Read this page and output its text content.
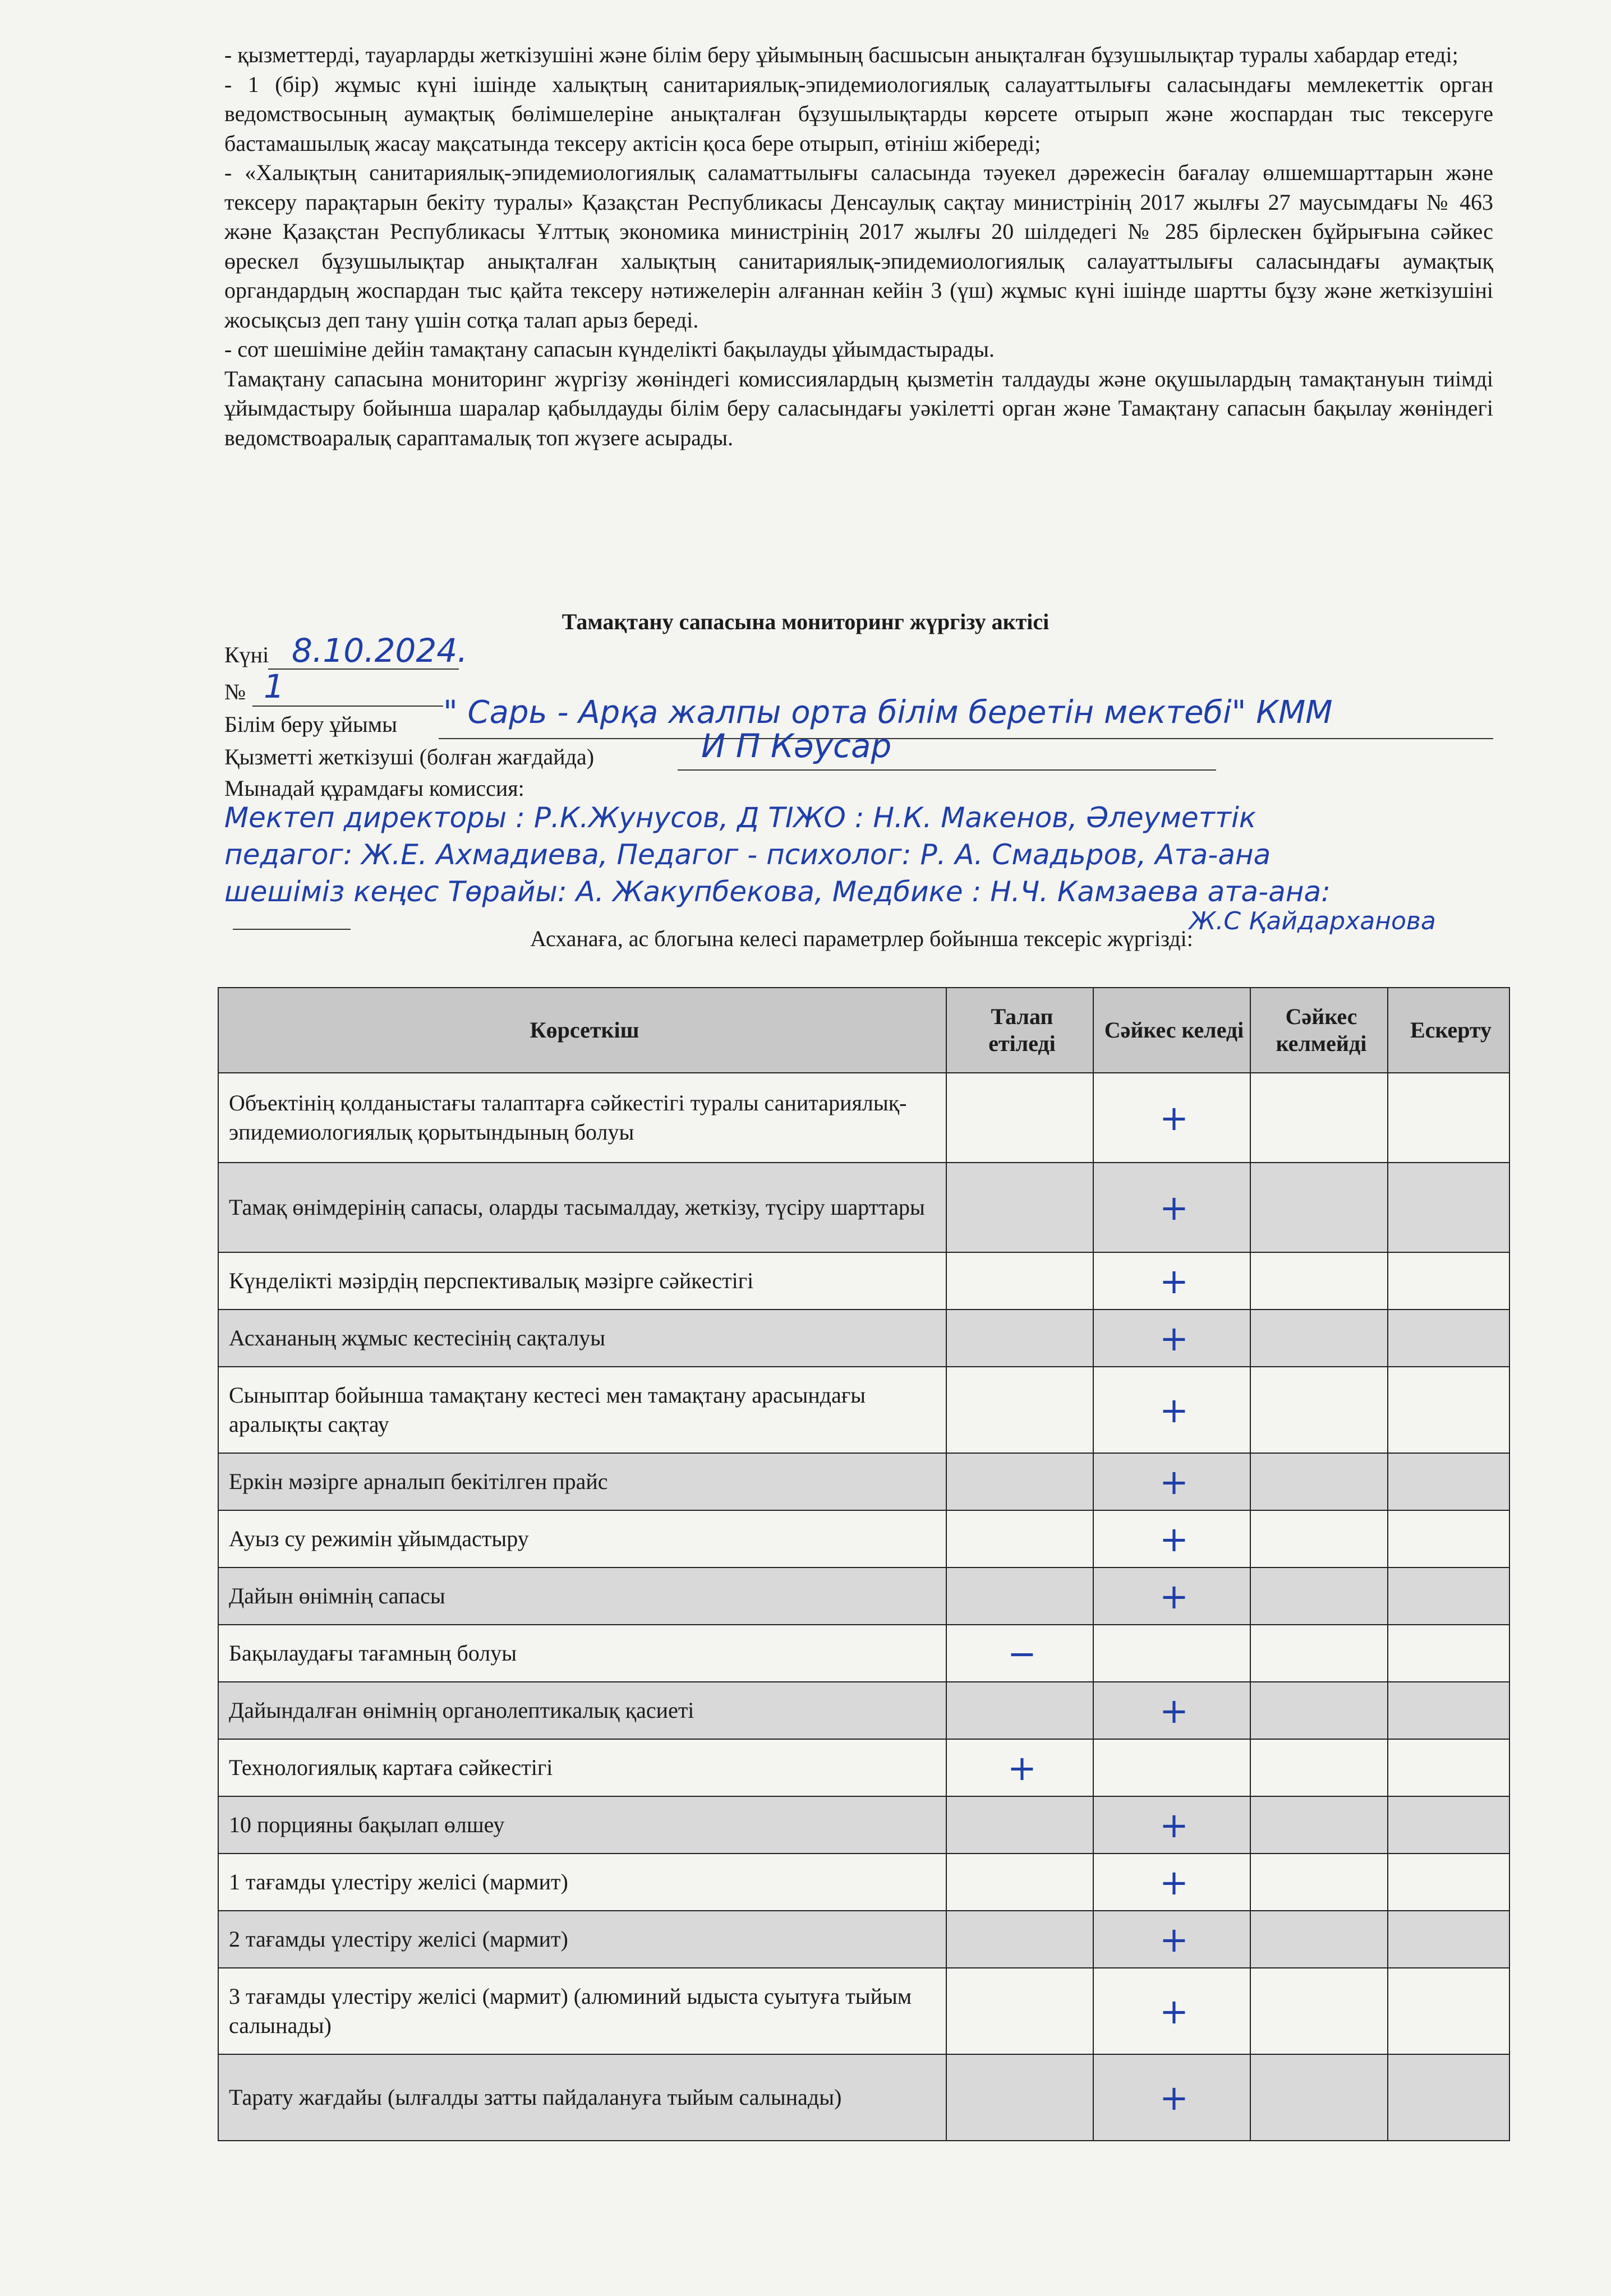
- қызметтерді, тауарларды жеткізушіні және білім беру ұйымының басшысын анықталған бұзушылықтар туралы хабардар етеді;

- 1 (бір) жұмыс күні ішінде халықтың санитариялық-эпидемиологиялық салауаттылығы саласындағы мемлекеттік орган ведомствосының аумақтық бөлімшелеріне анықталған бұзушылықтарды көрсете отырып және жоспардан тыс тексеруге бастамашылық жасау мақсатында тексеру актісін қоса бере отырып, өтініш жібереді;

- «Халықтың санитариялық-эпидемиологиялық саламаттылығы саласында тәуекел дәрежесін бағалау өлшемшарттарын және тексеру парақтарын бекіту туралы» Қазақстан Республикасы Денсаулық сақтау министрінің 2017 жылғы 27 маусымдағы № 463 және Қазақстан Республикасы Ұлттық экономика министрінің 2017 жылғы 20 шілдедегі № 285 бірлескен бұйрығына сәйкес өрескел бұзушылықтар анықталған халықтың санитариялық-эпидемиологиялық салауаттылығы саласындағы аумақтық органдардың жоспардан тыс қайта тексеру нәтижелерін алғаннан кейін 3 (үш) жұмыс күні ішінде шартты бұзу және жеткізушіні жосықсыз деп тану үшін сотқа талап арыз береді.

- сот шешіміне дейін тамақтану сапасын күнделікті бақылауды ұйымдастырады.

Тамақтану сапасына мониторинг жүргізу жөніндегі комиссиялардың қызметін талдауды және оқушылардың тамақтануын тиімді ұйымдастыру бойынша шаралар қабылдауды білім беру саласындағы уәкілетті орган және Тамақтану сапасын бақылау жөніндегі ведомствоаралық сараптамалық топ жүзеге асырады.

Тамақтану сапасына мониторинг жүргізу актісі
Күні 8.10.2024.
№ 1
Білім беру ұйымы " Сарь - Арқа жалпы орта білім беретін мектебі" КММ
Қызметті жеткізуші (болған жағдайда)	И П Кәусар
Мынадай құрамдағы комиссия:
Мектеп директоры : Р.К.Жунусов, Д ТІЖО : Н.К. Макенов, Әлеуметтік
педагог: Ж.Е. Ахмадиева, Педагог - психолог: Р. А. Смадьров, Ата-ана
шешіміз кеңес Төрайы: А. Жакупбекова, Медбике : Н.Ч. Камзаева ата-ана:
Ж.С Қайдарханова
Асханаға, ас блогына келесі параметрлер бойынша тексеріс жүргізді:
Көрсеткіш	Талап етіледі	Сәйкес келеді	Сәйкес келмейді	Ескерту
Объектінің қолданыстағы талаптарға сәйкестігі туралы санитариялық-эпидемиологиялық қорытындының болуы		+		
Тамақ өнімдерінің сапасы, оларды тасымалдау, жеткізу, түсіру шарттары		+		
Күнделікті мәзірдің перспективалық мәзірге сәйкестігі		+		
Асхананың жұмыс кестесінің сақталуы		+		
Сыныптар бойынша тамақтану кестесі мен тамақтану арасындағы аралықты сақтау		+		
Еркін мәзірге арналып бекітілген прайс		+		
Ауыз су режимін ұйымдастыру		+		
Дайын өнімнің сапасы		+		
Бақылаудағы тағамның болуы	−			
Дайындалған өнімнің органолептикалық қасиеті		+		
Технологиялық картаға сәйкестігі	+			
10 порцияны бақылап өлшеу		+		
1 тағамды үлестіру желісі (мармит)		+		
2 тағамды үлестіру желісі (мармит)		+		
3 тағамды үлестіру желісі (мармит) (алюминий ыдыста суытуға тыйым салынады)		+		
Тарату жағдайы (ылғалды затты пайдалануға тыйым салынады)		+		
